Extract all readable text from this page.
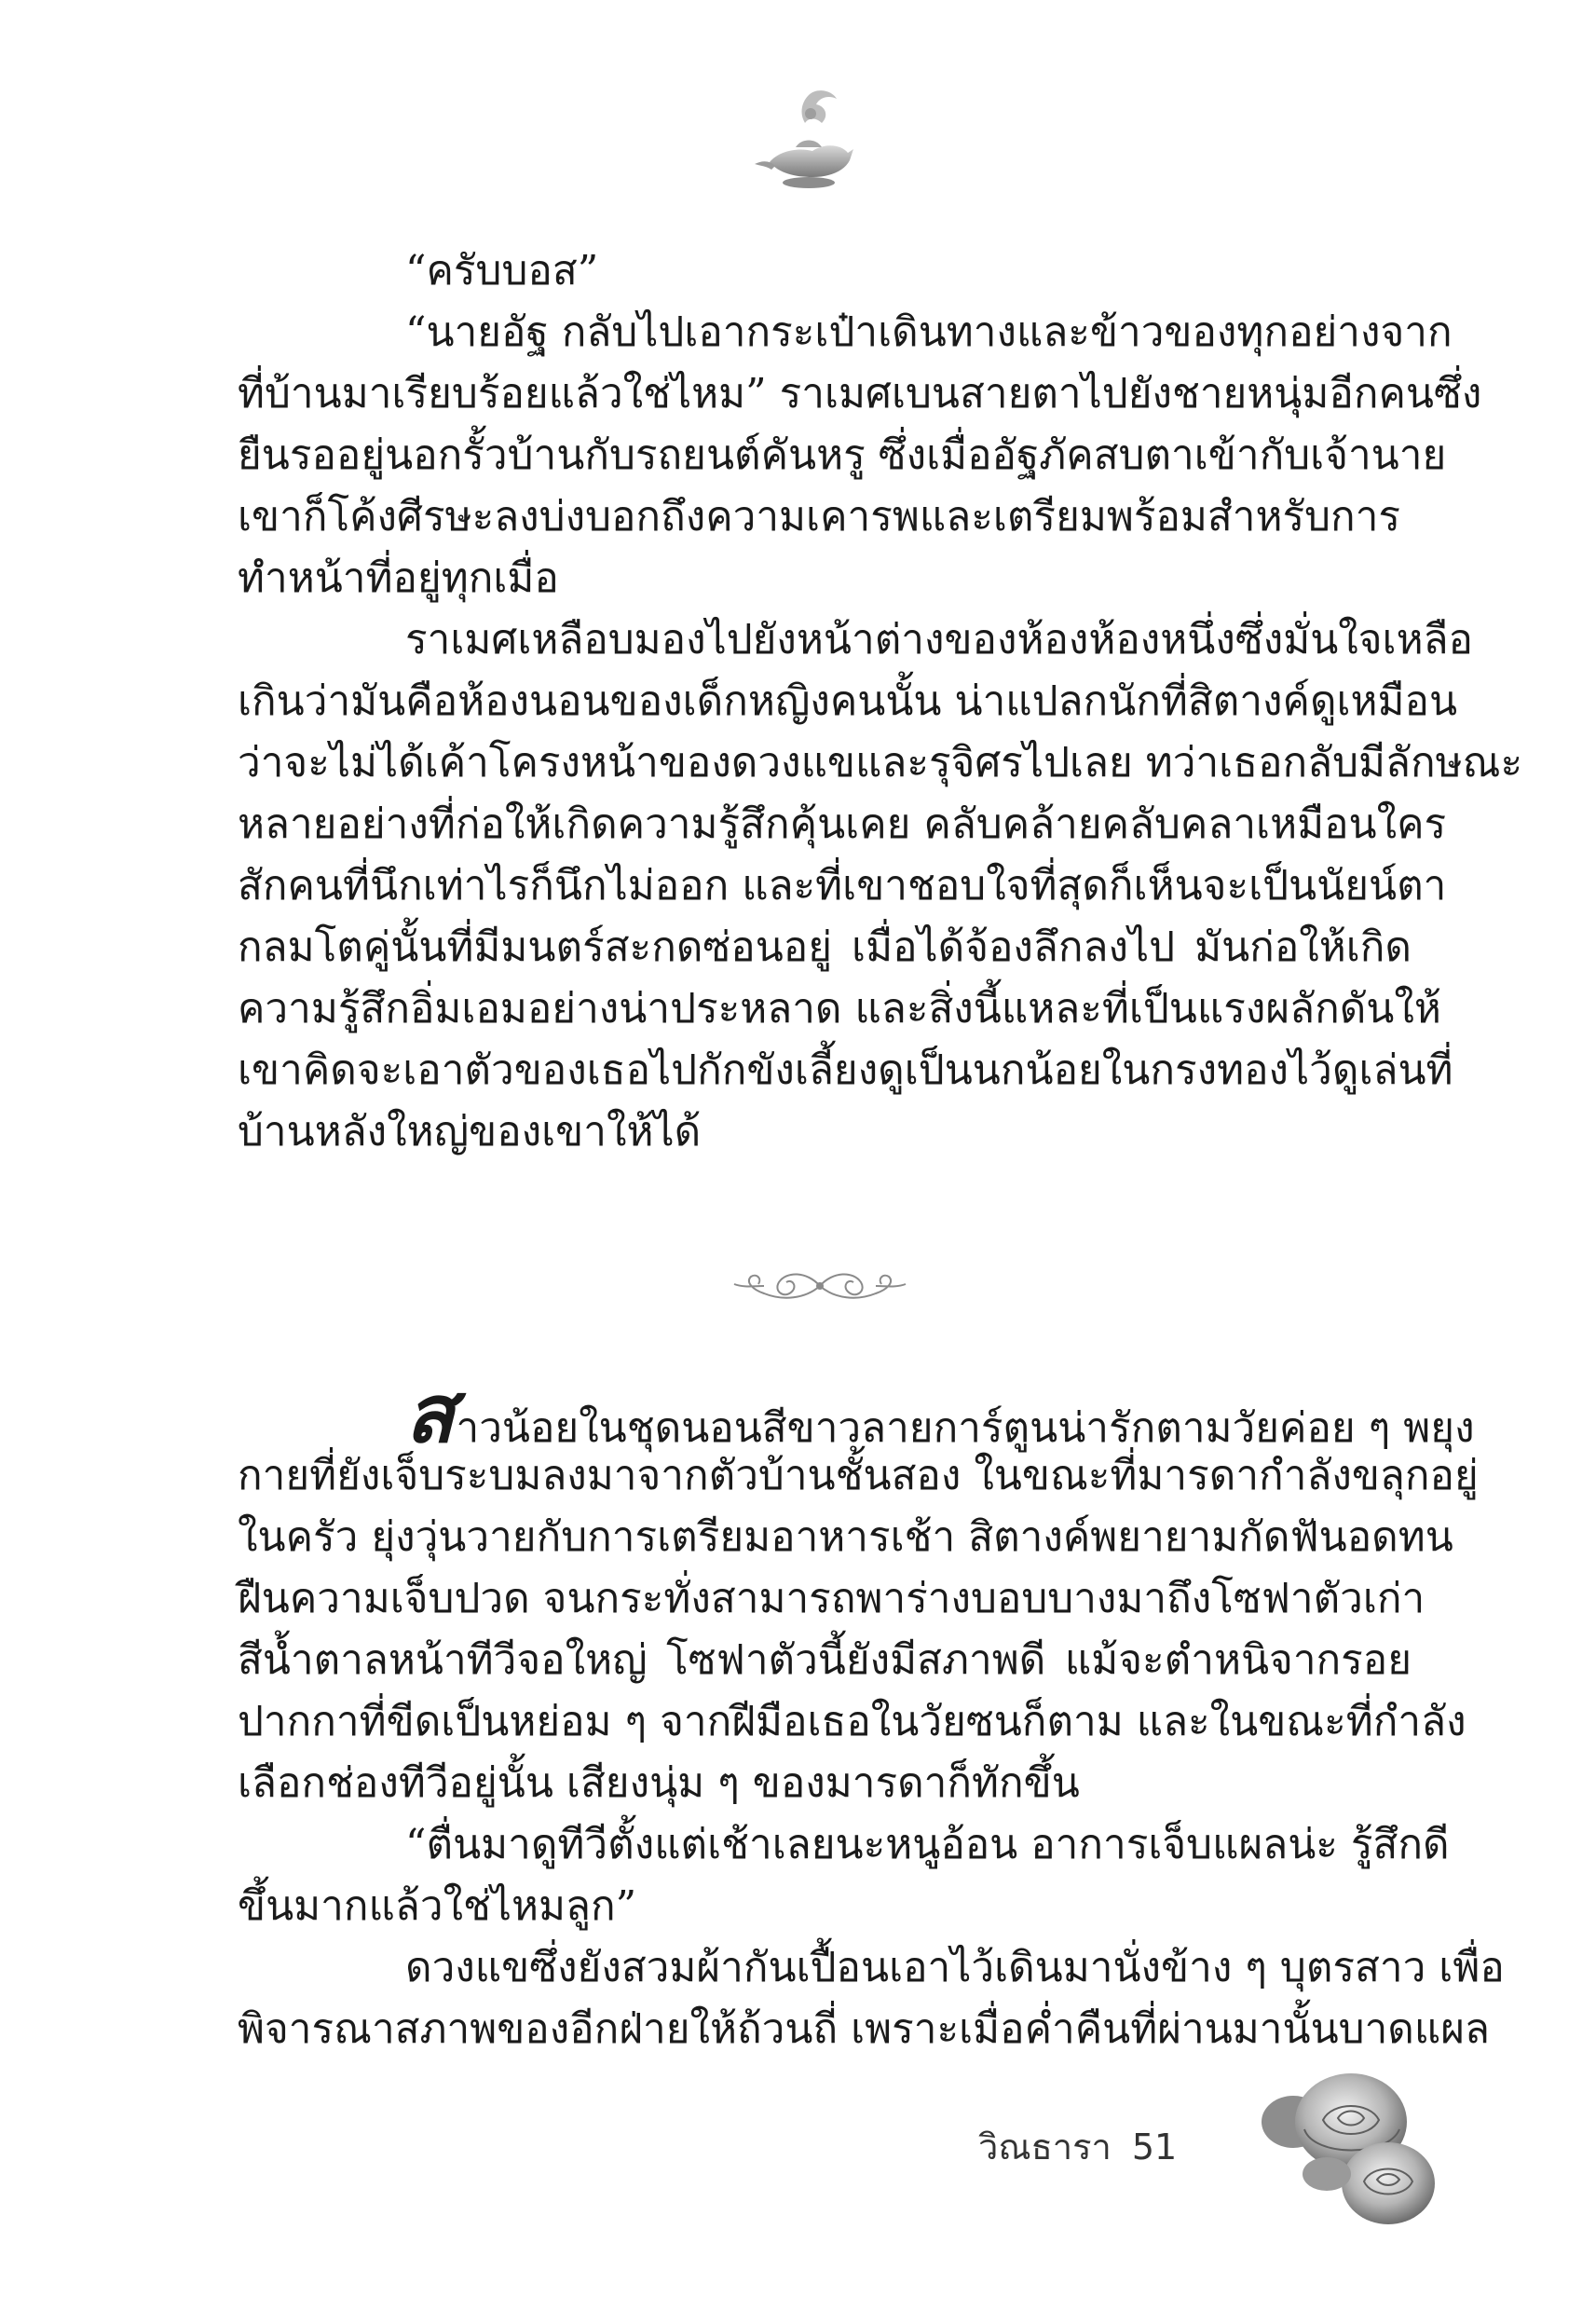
“ครับบอส”
“นายอัฐ กลับไปเอากระเป๋าเดินทางและข้าวของทุกอย่างจาก
ที่บ้านมาเรียบร้อยแล้วใช่ไหม” ราเมศเบนสายตาไปยังชายหนุ่มอีกคนซึ่ง
ยืนรออยู่นอกรั้วบ้านกับรถยนต์คันหรู ซึ่งเมื่ออัฐภัคสบตาเข้ากับเจ้านาย
เขาก็โค้งศีรษะลงบ่งบอกถึงความเคารพและเตรียมพร้อมสำหรับการ
ทำหน้าที่อยู่ทุกเมื่อ
ราเมศเหลือบมองไปยังหน้าต่างของห้องห้องหนึ่งซึ่งมั่นใจเหลือ
เกินว่ามันคือห้องนอนของเด็กหญิงคนนั้น น่าแปลกนักที่สิตางค์ดูเหมือน
ว่าจะไม่ได้เค้าโครงหน้าของดวงแขและรุจิศรไปเลย ทว่าเธอกลับมีลักษณะ
หลายอย่างที่ก่อให้เกิดความรู้สึกคุ้นเคย คลับคล้ายคลับคลาเหมือนใคร
สักคนที่นึกเท่าไรก็นึกไม่ออก และที่เขาชอบใจที่สุดก็เห็นจะเป็นนัยน์ตา
กลมโตคู่นั้นที่มีมนตร์สะกดซ่อนอยู่ เมื่อได้จ้องลึกลงไป มันก่อให้เกิด
ความรู้สึกอิ่มเอมอย่างน่าประหลาด และสิ่งนี้แหละที่เป็นแรงผลักดันให้
เขาคิดจะเอาตัวของเธอไปกักขังเลี้ยงดูเป็นนกน้อยในกรงทองไว้ดูเล่นที่
บ้านหลังใหญ่ของเขาให้ได้
สาวน้อยในชุดนอนสีขาวลายการ์ตูนน่ารักตามวัยค่อย ๆ พยุง
กายที่ยังเจ็บระบมลงมาจากตัวบ้านชั้นสอง ในขณะที่มารดากำลังขลุกอยู่
ในครัว ยุ่งวุ่นวายกับการเตรียมอาหารเช้า สิตางค์พยายามกัดฟันอดทน
ฝืนความเจ็บปวด จนกระทั่งสามารถพาร่างบอบบางมาถึงโซฟาตัวเก่า
สีน้ำตาลหน้าทีวีจอใหญ่ โซฟาตัวนี้ยังมีสภาพดี แม้จะตำหนิจากรอย
ปากกาที่ขีดเป็นหย่อม ๆ จากฝีมือเธอในวัยซนก็ตาม และในขณะที่กำลัง
เลือกช่องทีวีอยู่นั้น เสียงนุ่ม ๆ ของมารดาก็ทักขึ้น
“ตื่นมาดูทีวีตั้งแต่เช้าเลยนะหนูอ้อน อาการเจ็บแผลน่ะ รู้สึกดี
ขึ้นมากแล้วใช่ไหมลูก”
ดวงแขซึ่งยังสวมผ้ากันเปื้อนเอาไว้เดินมานั่งข้าง ๆ บุตรสาว เพื่อ
พิจารณาสภาพของอีกฝ่ายให้ถ้วนถี่ เพราะเมื่อค่ำคืนที่ผ่านมานั้นบาดแผล
วิณธารา 51
